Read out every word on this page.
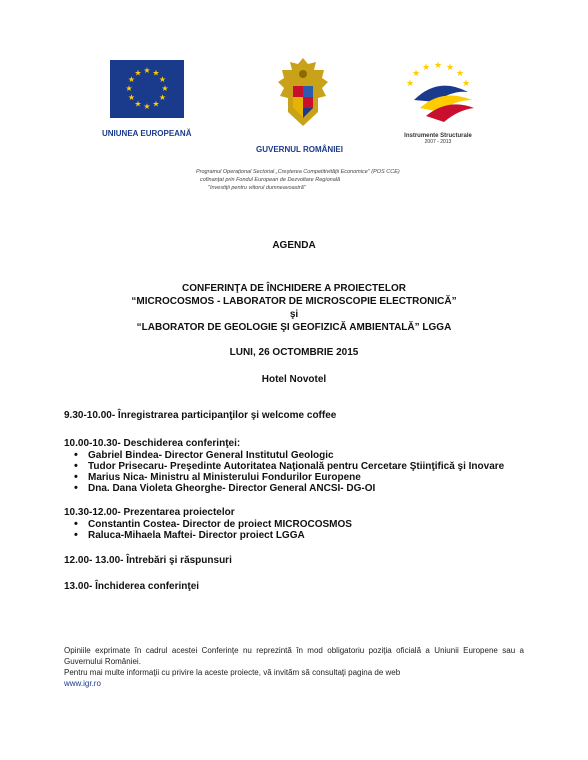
★ ★
★
★
★
★
★
★
★
★
★
★
UNIUNEA EUROPEANĂ
GUVERNUL ROMÂNIEI
★ ★
★
★
★
★
★
Instrumente Structurale
2007 - 2013
Programul Operaţional Sectorial „Creşterea Competitivităţii Economice" (POS CCE)
cofinanţat prin Fondul European de Dezvoltare Regională
"Investiţii pentru viitorul dumneavoastră"
AGENDA
CONFERINŢA DE ÎNCHIDERE A PROIECTELOR
“MICROCOSMOS - LABORATOR DE MICROSCOPIE ELECTRONICĂ”
şi
“LABORATOR DE GEOLOGIE ŞI GEOFIZICĂ AMBIENTALĂ” LGGA
LUNI, 26 OCTOMBRIE 2015
Hotel Novotel

9.30-10.00- Înregistrarea participanţilor şi welcome coffee

10.00-10.30- Deschiderea conferinţei:

• Gabriel Bindea- Director General Institutul Geologic
• Tudor Prisecaru- Preşedinte Autoritatea Naţională pentru Cercetare Ştiinţifică şi Inovare
• Marius Nica- Ministru al Ministerului Fondurilor Europene
• Dna. Dana Violeta Gheorghe- Director General ANCSI- DG-OI

10.30-12.00- Prezentarea proiectelor

• Constantin Costea- Director de proiect MICROCOSMOS
• Raluca-Mihaela Maftei- Director proiect LGGA

12.00- 13.00- Întrebări şi răspunsuri

13.00- Închiderea conferinţei

Opiniile exprimate în cadrul acestei Conferinţe nu reprezintă în mod obligatoriu poziţia oficială a Uniunii Europene sau a Guvernului României.
Pentru mai multe informaţii cu privire la aceste proiecte, vă invităm să consultaţi pagina de web
www.igr.ro
